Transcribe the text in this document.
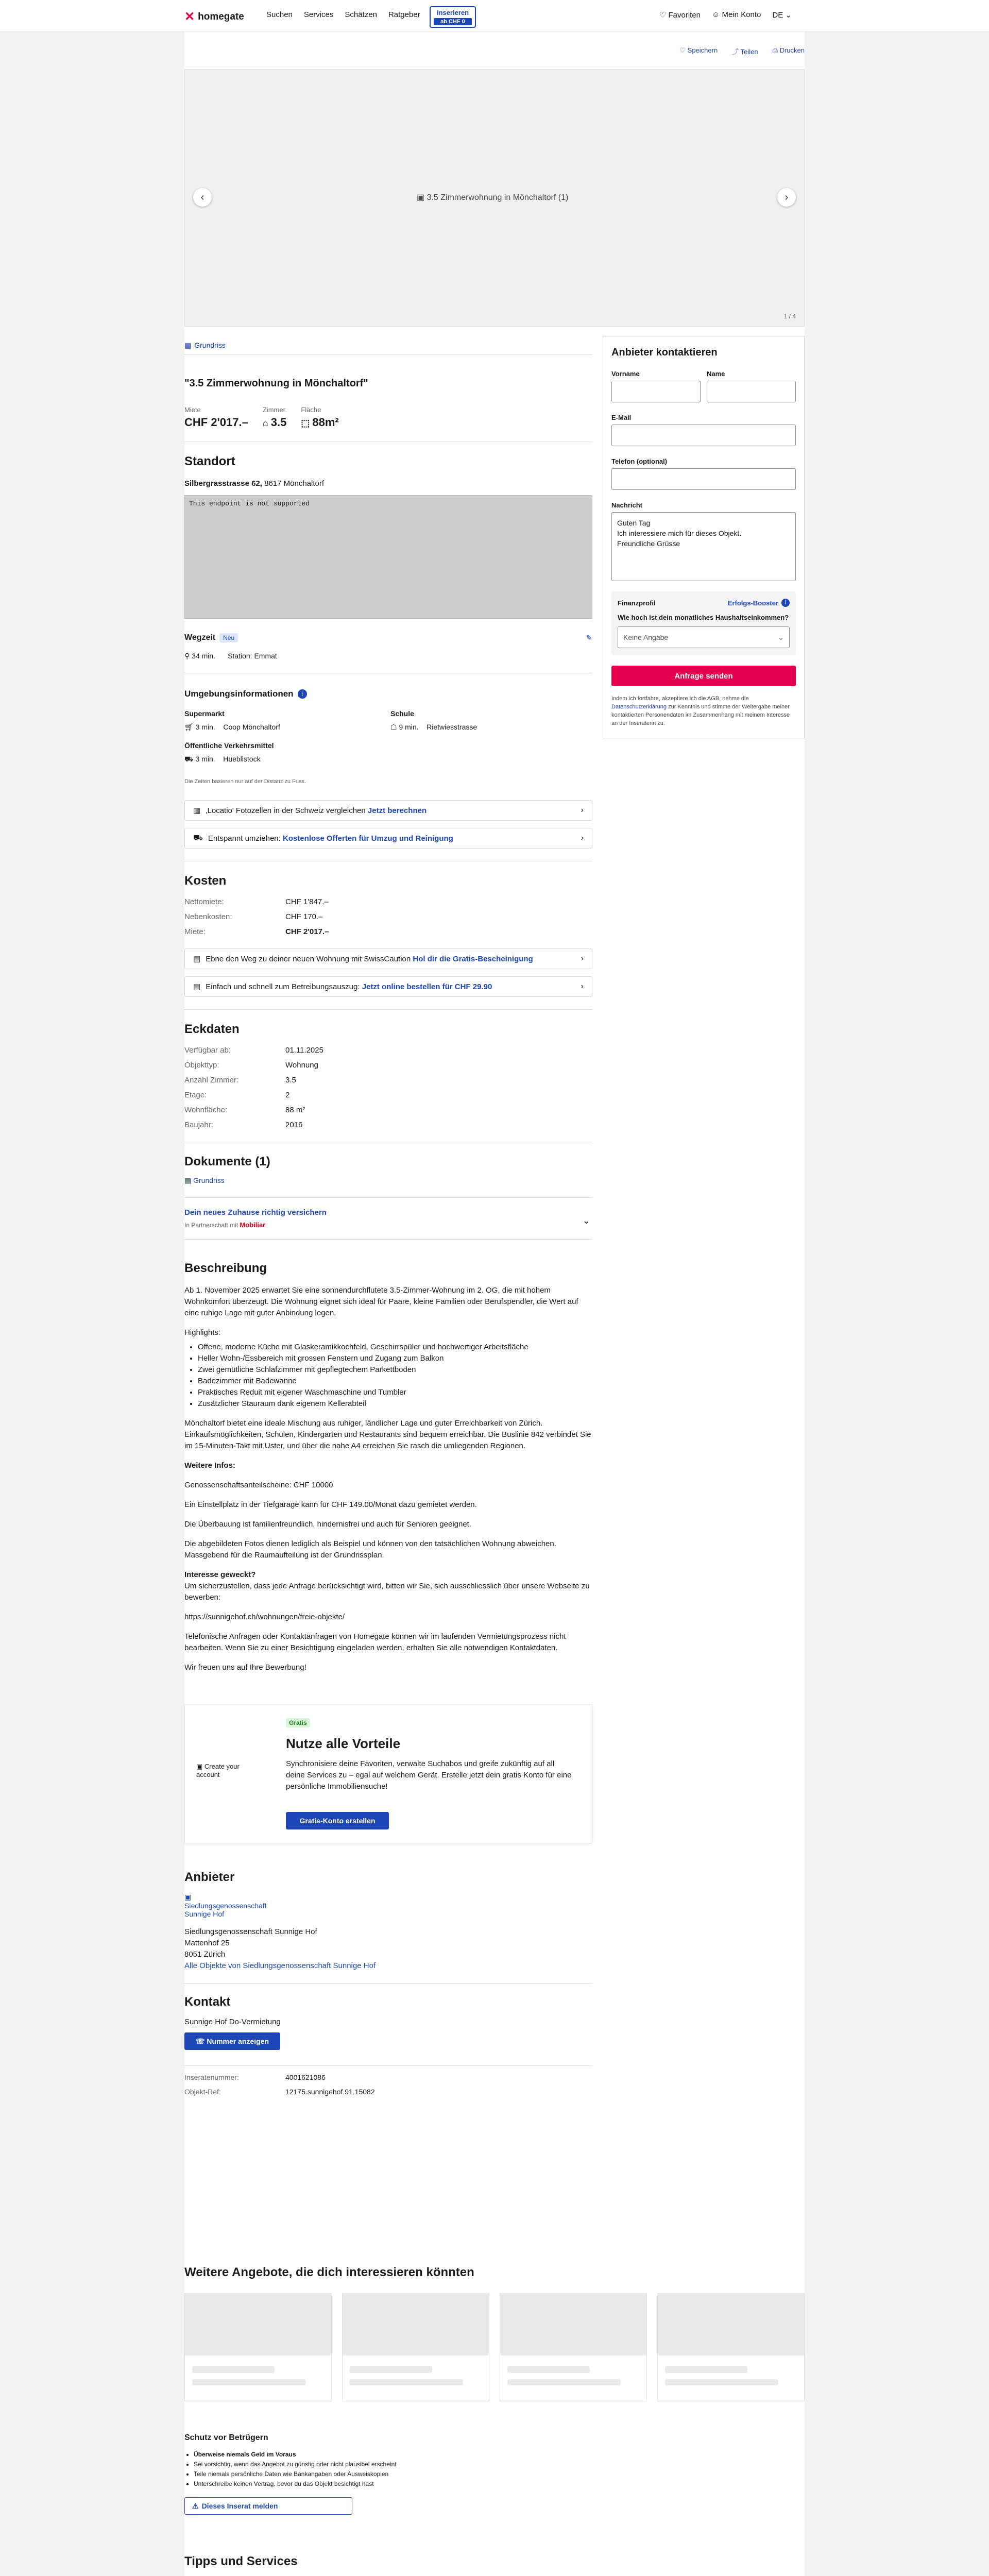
✕ homegate	Suchen Services Schätzen Ratgeber	Inserieren
ab CHF 0
♡ Favoriten ☺ Mein Konto DE ⌄
♡ Speichern ⤴ Teilen ⎙ Drucken
▣ 3.5 Zimmerwohnung in Mönchaltorf (1)
‹	›
1 / 4
▤ Grundriss
"3.5 Zimmerwohnung in Mönchaltorf"
Miete
CHF 2'017.–
Zimmer
⌂ 3.5
Fläche
⬚ 88m²
Standort
Silbergrasstrasse 62, 8617 Mönchaltorf
This endpoint is not supported
Wegzeit	Neu	✎
⚲ 34 min. Station: Emmat
Umgebungsinformationen	i
Supermarkt
🛒︎ 3 min. Coop Mönchaltorf
Schule
☖ 9 min. Rietwiesstrasse
Öffentliche Verkehrsmittel
⛟ 3 min. Hueblistock
Die Zeiten basieren nur auf der Distanz zu Fuss.
▥ ‚Locatio' Fotozellen in der Schweiz vergleichen Jetzt berechnen	›
⛟ Entspannt umziehen: Kostenlose Offerten für Umzug und Reinigung	›
Kosten
Nettomiete:	CHF 1'847.–
Nebenkosten:	CHF 170.–
Miete:	CHF 2'017.–
▤ Ebne den Weg zu deiner neuen Wohnung mit SwissCaution Hol dir die Gratis-Bescheinigung	›
▤ Einfach und schnell zum Betreibungsauszug: Jetzt online bestellen für CHF 29.90	›
Eckdaten
Verfügbar ab:	01.11.2025
Objekttyp:	Wohnung
Anzahl Zimmer:	3.5
Etage:	2
Wohnfläche:	88 m²
Baujahr:	2016
Dokumente (1)
▤ Grundriss
Dein neues Zuhause richtig versichern
In Partnerschaft mit Mobiliar	⌄
Beschreibung

Ab 1. November 2025 erwartet Sie eine sonnendurchflutete 3.5-Zimmer-Wohnung im 2. OG, die mit hohem Wohnkomfort überzeugt. Die Wohnung eignet sich ideal für Paare, kleine Familien oder Berufspendler, die Wert auf eine ruhige Lage mit guter Anbindung legen.

Highlights:

• Offene, moderne Küche mit Glaskeramikkochfeld, Geschirrspüler und hochwertiger Arbeitsfläche
• Heller Wohn-/Essbereich mit grossen Fenstern und Zugang zum Balkon
• Zwei gemütliche Schlafzimmer mit gepflegtechem Parkettboden
• Badezimmer mit Badewanne
• Praktisches Reduit mit eigener Waschmaschine und Tumbler
• Zusätzlicher Stauraum dank eigenem Kellerabteil

Mönchaltorf bietet eine ideale Mischung aus ruhiger, ländlicher Lage und guter Erreichbarkeit von Zürich. Einkaufsmöglichkeiten, Schulen, Kindergarten und Restaurants sind bequem erreichbar. Die Buslinie 842 verbindet Sie im 15-Minuten-Takt mit Uster, und über die nahe A4 erreichen Sie rasch die umliegenden Regionen.

Weitere Infos:

Genossenschaftsanteilscheine: CHF 10000

Ein Einstellplatz in der Tiefgarage kann für CHF 149.00/Monat dazu gemietet werden.

Die Überbauung ist familienfreundlich, hindernisfrei und auch für Senioren geeignet.

Die abgebildeten Fotos dienen lediglich als Beispiel und können von den tatsächlichen Wohnung abweichen. Massgebend für die Raumaufteilung ist der Grundrissplan.

Interesse geweckt?

Um sicherzustellen, dass jede Anfrage berücksichtigt wird, bitten wir Sie, sich ausschliesslich über unsere Webseite zu bewerben:

https://sunnigehof.ch/wohnungen/freie-objekte/

Telefonische Anfragen oder Kontaktanfragen von Homegate können wir im laufenden Vermietungsprozess nicht bearbeiten. Wenn Sie zu einer Besichtigung eingeladen werden, erhalten Sie alle notwendigen Kontaktdaten.

Wir freuen uns auf Ihre Bewerbung!

▣ Create your account
Gratis
Nutze alle Vorteile
Synchronisiere deine Favoriten, verwalte Suchabos und greife zukünftig auf all deine Services zu – egal auf welchem Gerät. Erstelle jetzt dein gratis Konto für eine persönliche Immobiliensuche!
Gratis-Konto erstellen
Anbieter
▣ Siedlungsgenossenschaft Sunnige Hof
Siedlungsgenossenschaft Sunnige Hof
Mattenhof 25
8051 Zürich
Alle Objekte von Siedlungsgenossenschaft Sunnige Hof
Kontakt
Sunnige Hof Do-Vermietung
☏ Nummer anzeigen
Inseratenummer:	4001621086
Objekt-Ref:	12175.sunnigehof.91.15082
Anbieter kontaktieren
Vorname	Name
E-Mail
Telefon (optional)
Nachricht
Guten Tag
Ich interessiere mich für dieses Objekt.
Freundliche Grüsse
Finanzprofil	Erfolgs-Booster	i
Wie hoch ist dein monatliches Haushaltseinkommen?
Keine Angabe	⌄
Anfrage senden
Indem ich fortfahre, akzeptiere ich die AGB, nehme die Datenschutzerklärung zur Kenntnis und stimme der Weitergabe meiner kontaktierten Personendaten im Zusammenhang mit meinem Interesse an der Inseraterin zu.
Weitere Angebote, die dich interessieren könnten
Schutz vor Betrügern
• Überweise niemals Geld im Voraus
• Sei vorsichtig, wenn das Angebot zu günstig oder nicht plausibel erscheint
• Teile niemals persönliche Daten wie Bankangaben oder Ausweiskopien
• Unterschreibe keinen Vertrag, bevor du das Objekt besichtigt hast
⚠ Dieses Inserat melden
Tipps und Services
